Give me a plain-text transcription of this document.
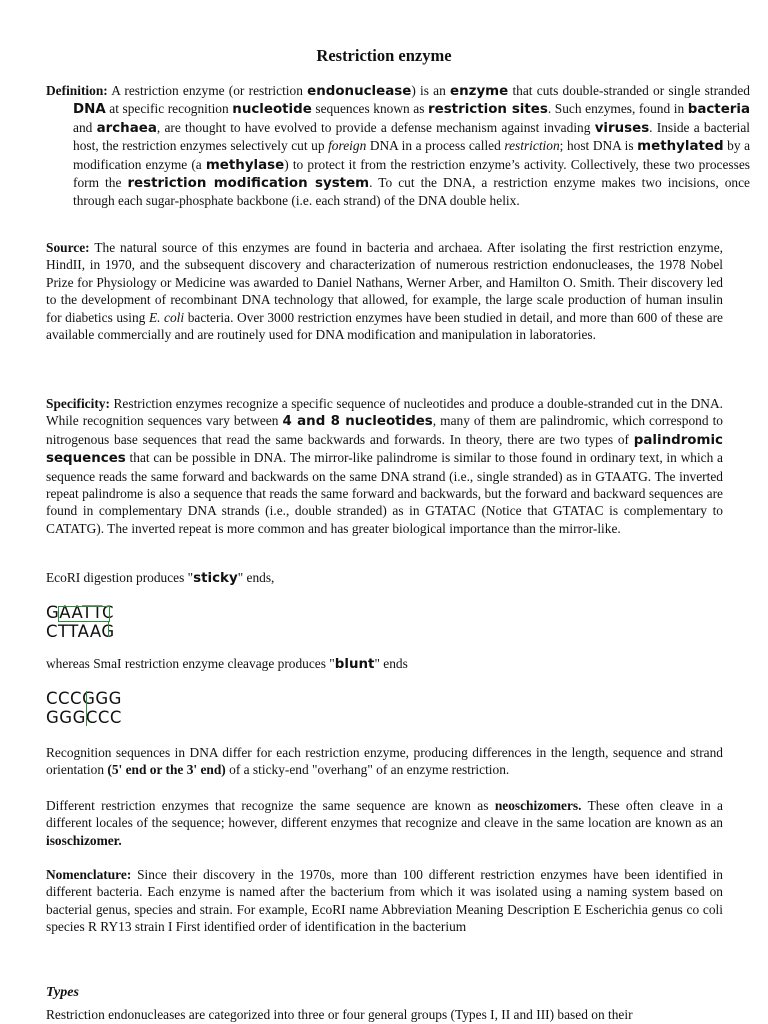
Restriction enzyme

Definition: A restriction enzyme (or restriction endonuclease) is an enzyme that cuts double-stranded or single stranded DNA at specific recognition nucleotide sequences known as restriction sites. Such enzymes, found in bacteria and archaea, are thought to have evolved to provide a defense mechanism against invading viruses. Inside a bacterial host, the restriction enzymes selectively cut up foreign DNA in a process called restriction; host DNA is methylated by a modification enzyme (a methylase) to protect it from the restriction enzyme’s activity. Collectively, these two processes form the restriction modification system. To cut the DNA, a restriction enzyme makes two incisions, once through each sugar-phosphate backbone (i.e. each strand) of the DNA double helix.

Source: The natural source of this enzymes are found in bacteria and archaea. After isolating the first restriction enzyme, HindII, in 1970, and the subsequent discovery and characterization of numerous restriction endonucleases, the 1978 Nobel Prize for Physiology or Medicine was awarded to Daniel Nathans, Werner Arber, and Hamilton O. Smith. Their discovery led to the development of recombinant DNA technology that allowed, for example, the large scale production of human insulin for diabetics using E. coli bacteria. Over 3000 restriction enzymes have been studied in detail, and more than 600 of these are available commercially and are routinely used for DNA modification and manipulation in laboratories.

Specificity: Restriction enzymes recognize a specific sequence of nucleotides and produce a double-stranded cut in the DNA. While recognition sequences vary between 4 and 8 nucleotides, many of them are palindromic, which correspond to nitrogenous base sequences that read the same backwards and forwards. In theory, there are two types of palindromic sequences that can be possible in DNA. The mirror-like palindrome is similar to those found in ordinary text, in which a sequence reads the same forward and backwards on the same DNA strand (i.e., single stranded) as in GTAATG. The inverted repeat palindrome is also a sequence that reads the same forward and backwards, but the forward and backward sequences are found in complementary DNA strands (i.e., double stranded) as in GTATAC (Notice that GTATAC is complementary to CATATG). The inverted repeat is more common and has greater biological importance than the mirror-like.

EcoRI digestion produces "sticky" ends,

GAATTC
CTTAAG

whereas SmaI restriction enzyme cleavage produces "blunt" ends

CCCGGG
GGGCCC

Recognition sequences in DNA differ for each restriction enzyme, producing differences in the length, sequence and strand orientation (5' end or the 3' end) of a sticky-end "overhang" of an enzyme restriction.

Different restriction enzymes that recognize the same sequence are known as neoschizomers. These often cleave in a different locales of the sequence; however, different enzymes that recognize and cleave in the same location are known as an isoschizomer.

Nomenclature: Since their discovery in the 1970s, more than 100 different restriction enzymes have been identified in different bacteria. Each enzyme is named after the bacterium from which it was isolated using a naming system based on bacterial genus, species and strain. For example, EcoRI name Abbreviation Meaning Description E Escherichia genus co coli species R RY13 strain I First identified order of identification in the bacterium

Types

Restriction endonucleases are categorized into three or four general groups (Types I, II and III) based on their
